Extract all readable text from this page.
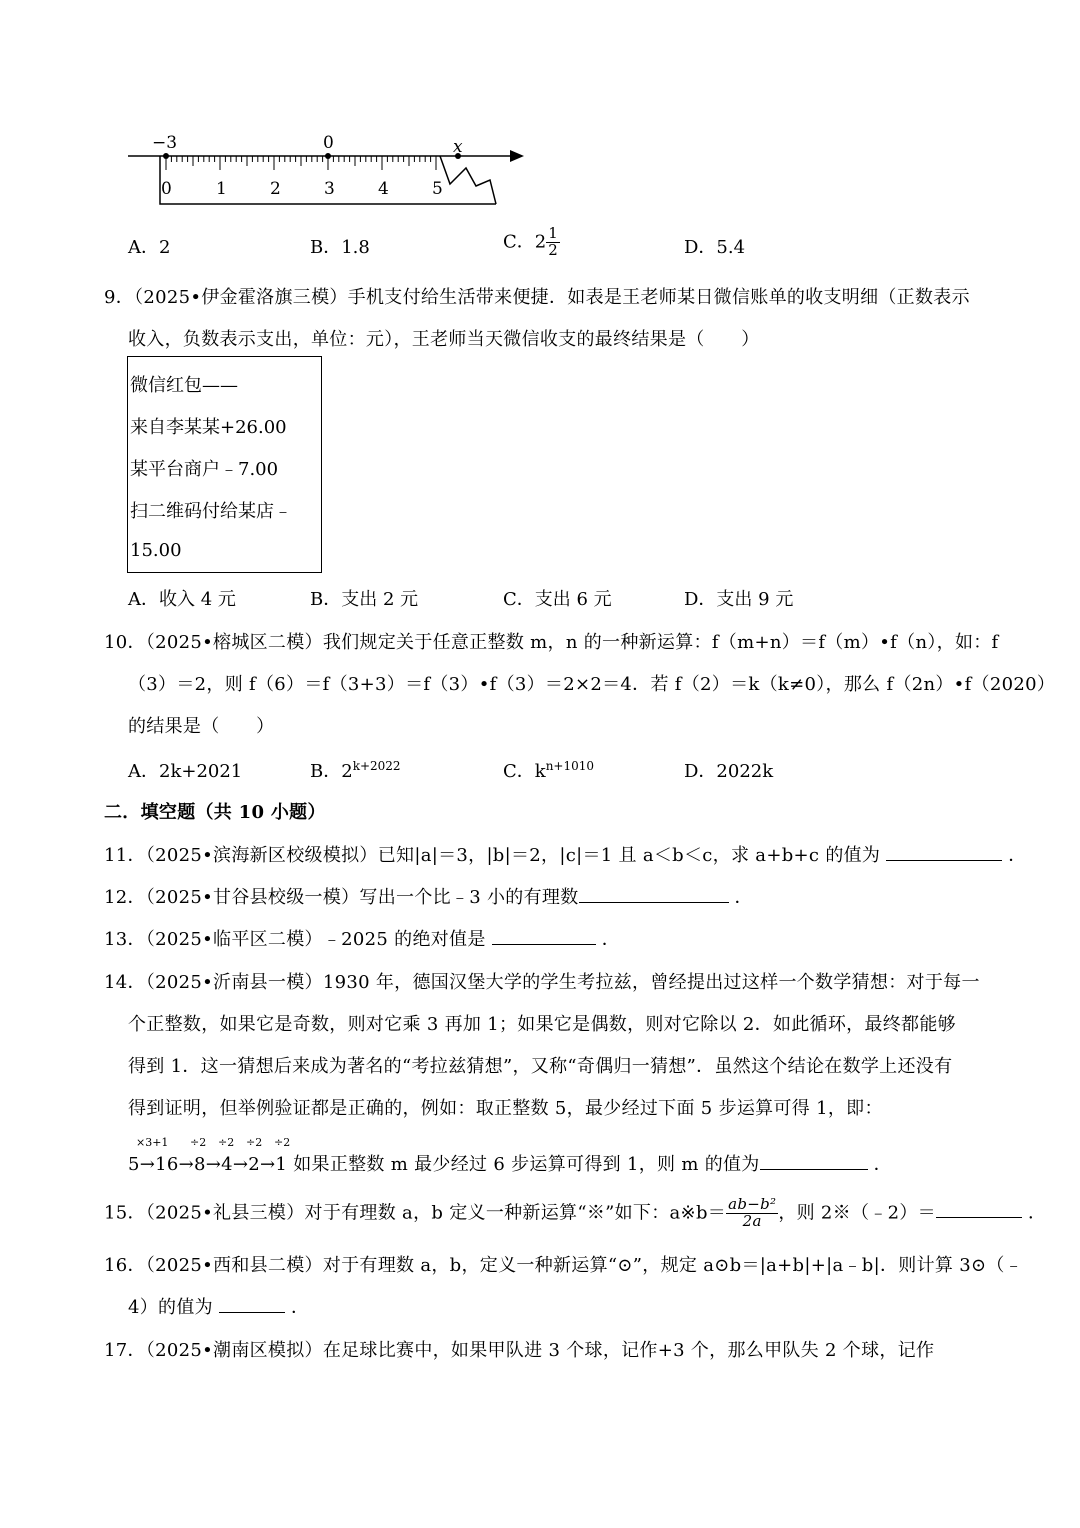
−3	0	x
0	1	2	3	4	5
A．2	B．1.8	C．$2 \frac{1}{2}$	D．5.4
9．（2025•伊金霍洛旗三模）手机支付给生活带来便捷．如表是王老师某日微信账单的收支明细（正数表示
收入，负数表示支出，单位：元），王老师当天微信收支的最终结果是（　　）
微信红包——
来自李某某+26.00
某平台商户﹣7.00
扫二维码付给某店﹣
15.00
A．收入 4 元	B．支出 2 元	C．支出 6 元	D．支出 9 元
10．（2025•榕城区二模）我们规定关于任意正整数 m，n 的一种新运算：f（m+n）＝f（m）•f（n），如：f
（3）＝2，则 f（6）＝f（3+3）＝f（3）•f（3）＝2×2＝4．若 f（2）＝k（k≠0），那么 f（2n）•f（2020）
的结果是（　　）
A．2k+2021	B．$2^{k+2022}$	C．$k^{n+1010}$	D．2022k
二．填空题（共 10 小题）
11．（2025•滨海新区校级模拟）已知|a|＝3，|b|＝2，|c|＝1 且 a＜b＜c，求 a+b+c 的值为	．
12．（2025•甘谷县校级一模）写出一个比﹣3 小的有理数	．
13．（2025•临平区二模）﹣2025 的绝对值是	．
14．（2025•沂南县一模）1930 年，德国汉堡大学的学生考拉兹，曾经提出过这样一个数学猜想：对于每一
个正整数，如果它是奇数，则对它乘 3 再加 1；如果它是偶数，则对它除以 2．如此循环，最终都能够
得到 1．这一猜想后来成为著名的“考拉兹猜想”，又称“奇偶归一猜想”．虽然这个结论在数学上还没有
得到证明，但举例验证都是正确的，例如：取正整数 5，最少经过下面 5 步运算可得 1，即：
×3+1 ÷2 ÷2 ÷2 ÷2
5→16→8→4→2→1 如果正整数 m 最少经过 6 步运算可得到 1，则 m 的值为	．
15．（2025•礼县三模）对于有理数 a，b 定义一种新运算“※”如下：a※b＝ $\frac{\text{ab−b²}}{2a}$ ，则 2※（﹣2）＝	．
16．（2025•西和县二模）对于有理数 a，b，定义一种新运算“⊙”，规定 a⊙b＝|a+b|+|a﹣b|．则计算 3⊙（﹣
4）的值为	．
17．（2025•潮南区模拟）在足球比赛中，如果甲队进 3 个球，记作+3 个，那么甲队失 2 个球，记作
